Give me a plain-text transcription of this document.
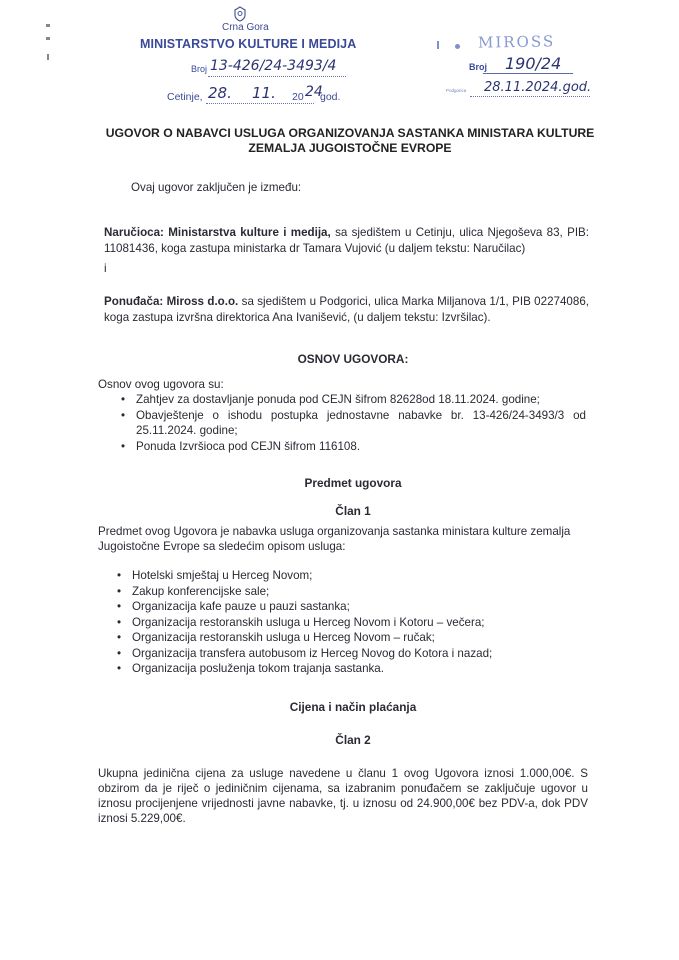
Crna Gora
MINISTARSTVO KULTURE I MEDIJA
Broj 13-426/24-3493/4
Cetinje, 28. 11. 20 24
god.
MIROSS
Broj 190/24
Podgorica 28.11.2024.god.
UGOVOR O NABAVCI USLUGA ORGANIZOVANJA SASTANKA MINISTARA KULTURE
ZEMALJA JUGOISTOČNE EVROPE

Ovaj ugovor zaključen je između:

Naručioca: Ministarstva kulture i medija, sa sjedištem u Cetinju, ulica Njegoševa 83, PIB: 11081436, koga zastupa ministarka dr Tamara Vujović (u daljem tekstu: Naručilac)

i

Ponuđača: Miross d.o.o. sa sjedištem u Podgorici, ulica Marka Miljanova 1/1, PIB 02274086, koga zastupa izvršna direktorica Ana Ivanišević, (u daljem tekstu: Izvršilac).

OSNOV UGOVORA:

Osnov ovog ugovora su:

• Zahtjev za dostavljanje ponuda pod CEJN šifrom 82628od 18.11.2024. godine;
• Obavještenje o ishodu postupka jednostavne nabavke br. 13-426/24-3493/3 od 25.11.2024. godine;
• Ponuda Izvršioca pod CEJN šifrom 116108.
Predmet ugovora
Član 1

Predmet ovog Ugovora je nabavka usluga organizovanja sastanka ministara kulture zemalja Jugoistočne Evrope sa sledećim opisom usluga:

• Hotelski smještaj u Herceg Novom;
• Zakup konferencijske sale;
• Organizacija kafe pauze u pauzi sastanka;
• Organizacija restoranskih usluga u Herceg Novom i Kotoru – večera;
• Organizacija restoranskih usluga u Herceg Novom – ručak;
• Organizacija transfera autobusom iz Herceg Novog do Kotora i nazad;
• Organizacija posluženja tokom trajanja sastanka.
Cijena i način plaćanja
Član 2

Ukupna jedinična cijena za usluge navedene u članu 1 ovog Ugovora iznosi 1.000,00€. S obzirom da je riječ o jediničnim cijenama, sa izabranim ponuđačem se zaključuje ugovor u iznosu procijenjene vrijednosti javne nabavke, tj. u iznosu od 24.900,00€ bez PDV-a, dok PDV iznosi 5.229,00€.
